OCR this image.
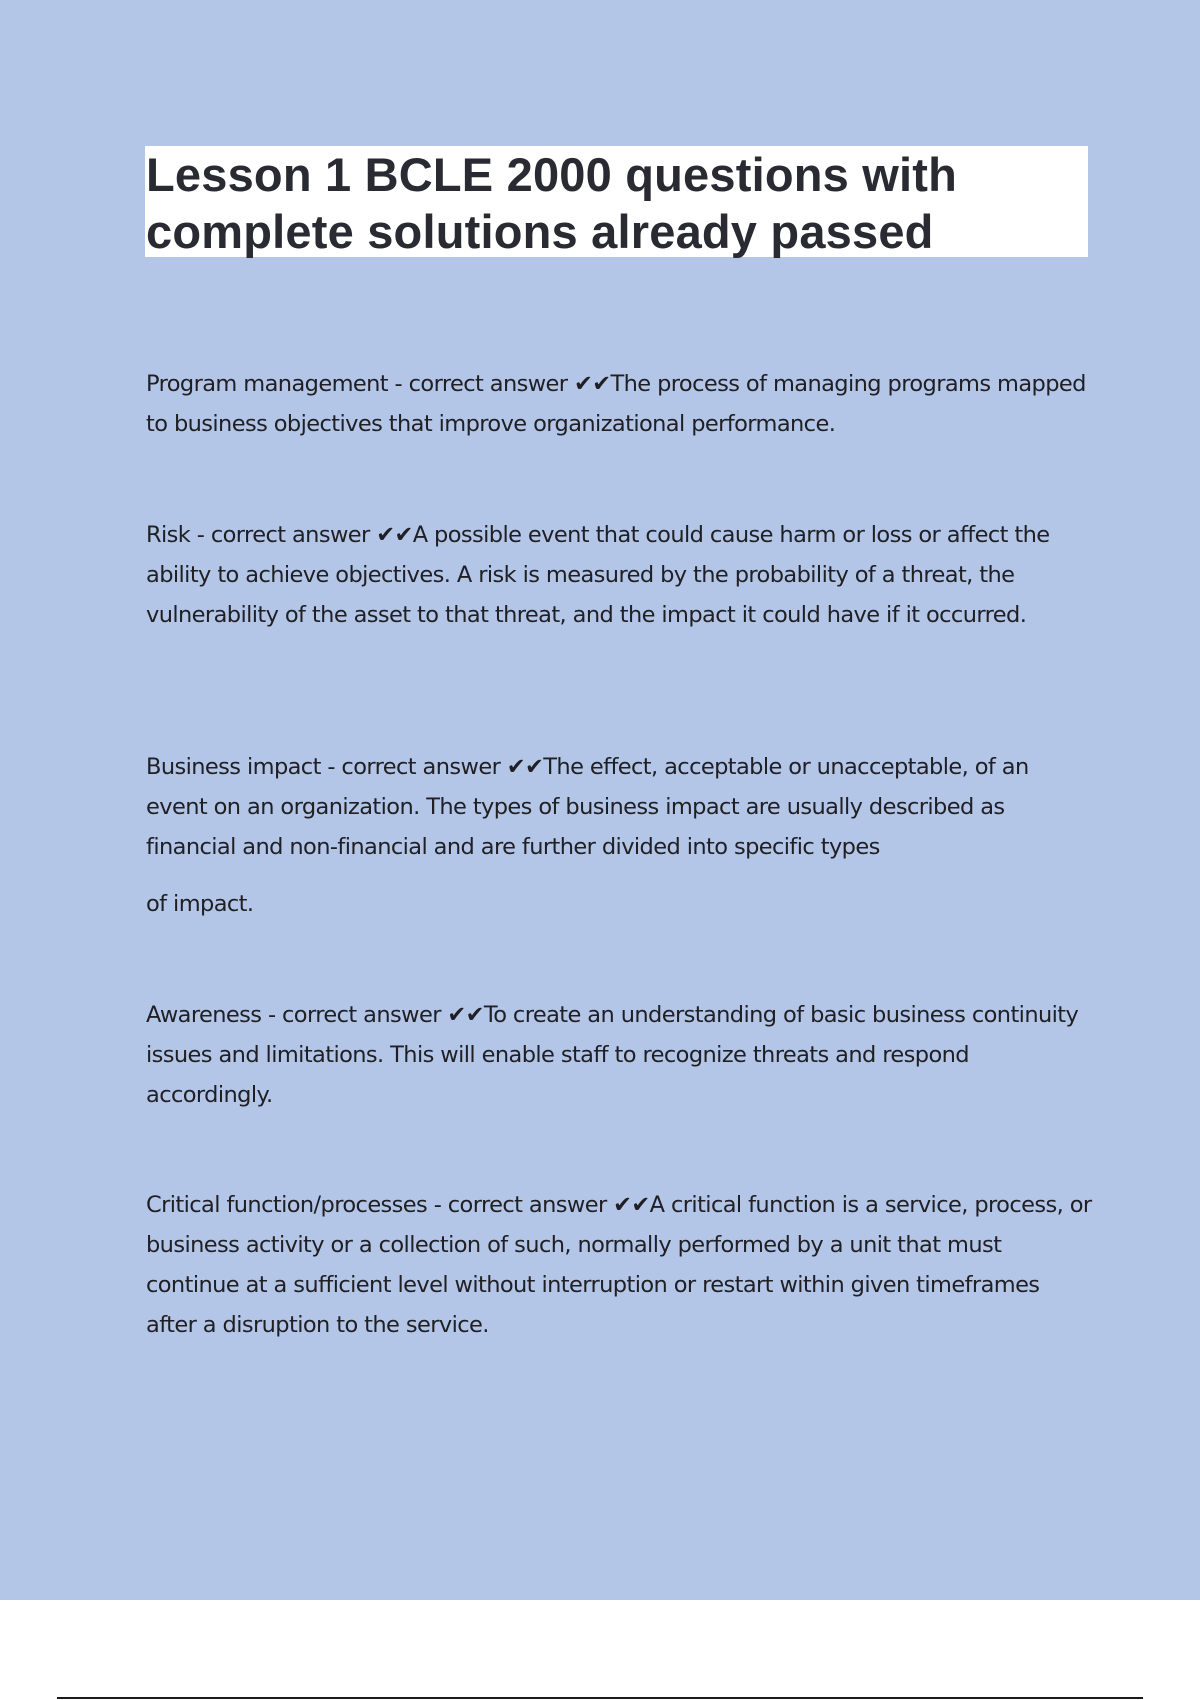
Lesson 1 BCLE 2000 questions with complete solutions already passed

Program management - correct answer ✔✔The process of managing programs mapped to business objectives that improve organizational performance.

Risk - correct answer ✔✔A possible event that could cause harm or loss or affect the ability to achieve objectives. A risk is measured by the probability of a threat, the vulnerability of the asset to that threat, and the impact it could have if it occurred.

Business impact - correct answer ✔✔The effect, acceptable or unacceptable, of an event on an organization. The types of business impact are usually described as financial and non-financial and are further divided into specific types

of impact.

Awareness - correct answer ✔✔To create an understanding of basic business continuity issues and limitations. This will enable staff to recognize threats and respond accordingly.

Critical function/processes - correct answer ✔✔A critical function is a service, process, or business activity or a collection of such, normally performed by a unit that must continue at a sufficient level without interruption or restart within given timeframes after a disruption to the service.
